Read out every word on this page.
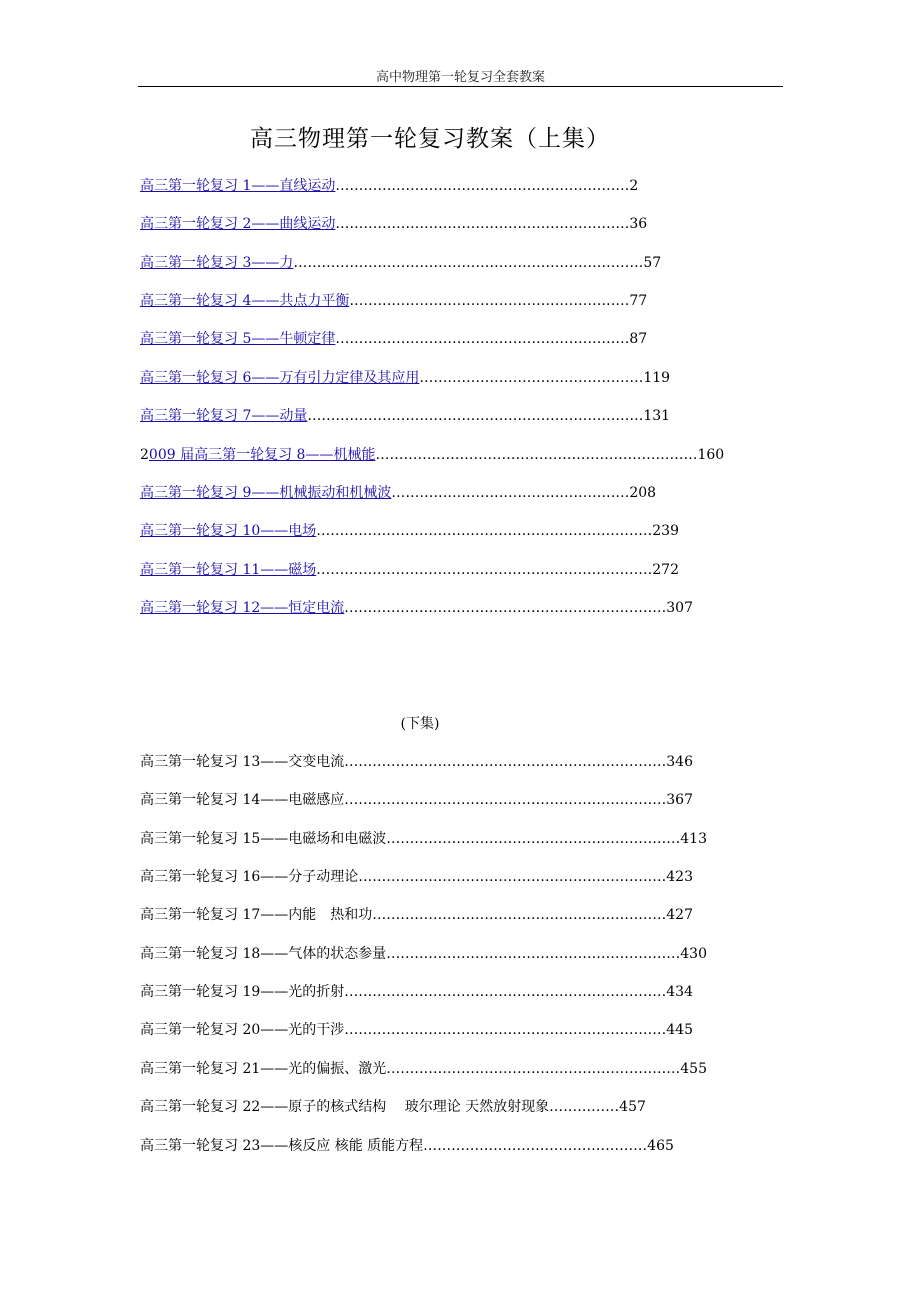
高中物理第一轮复习全套教案
高三物理第一轮复习教案（上集）
高三第一轮复习 1——直线运动………………………………………………………2
高三第一轮复习 2——曲线运动………………………………………………………36
高三第一轮复习 3——力…………………………………………………………………57
高三第一轮复习 4——共点力平衡……………………………………………………77
高三第一轮复习 5——牛顿定律………………………………………………………87
高三第一轮复习 6——万有引力定律及其应用…………………………………………119
高三第一轮复习 7——动量………………………………………………………………131
2009 届高三第一轮复习 8——机械能……………………………………………………………160
高三第一轮复习 9——机械振动和机械波……………………………………………208
高三第一轮复习 10——电场………………………………………………………………239
高三第一轮复习 11——磁场………………………………………………………………272
高三第一轮复习 12——恒定电流……………………………………………………………307
(下集)
高三第一轮复习 13——交变电流……………………………………………………………346
高三第一轮复习 14——电磁感应……………………………………………………………367
高三第一轮复习 15——电磁场和电磁波………………………………………………………413
高三第一轮复习 16——分子动理论…………………………………………………………423
高三第一轮复习 17——内能　热和功………………………………………………………427
高三第一轮复习 18——气体的状态参量………………………………………………………430
高三第一轮复习 19——光的折射……………………………………………………………434
高三第一轮复习 20——光的干涉……………………………………………………………445
高三第一轮复习 21——光的偏振、激光………………………………………………………455
高三第一轮复习 22——原子的核式结构　 玻尔理论 天然放射现象……………457
高三第一轮复习 23——核反应 核能 质能方程…………………………………………465
